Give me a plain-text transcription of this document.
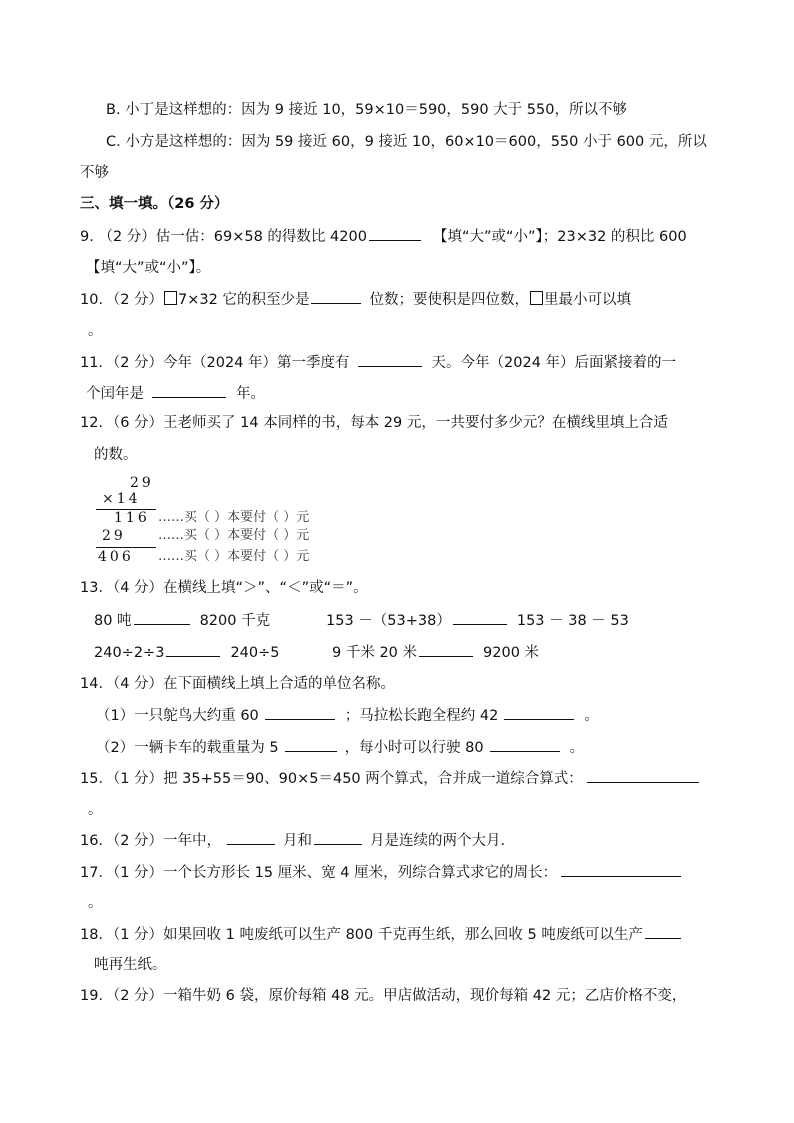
B. 小丁是这样想的：因为 9 接近 10，59×10＝590，590 大于 550，所以不够
C. 小方是这样想的：因为 59 接近 60，9 接近 10，60×10＝600，550 小于 600 元，所以
不够
三、填一填。（26 分）
9. （2 分）估一估：69×58 的得数比 4200	【填“大”或“小”】；23×32 的积比 600
【填“大”或“小”】。
10．（2 分） 7×32 它的积至少是	位数；要使积是四位数， 里最小可以填
。
11．（2 分）今年（2024 年）第一季度有	天。今年（2024 年）后面紧接着的一
个闰年是	年。
12．（6 分）王老师买了 14 本同样的书，每本 29 元，一共要付多少元？在横线里填上合适
的数。
29
×14
116 ……买（ ）本要付（ ）元
29 ……买（ ）本要付（ ）元
406 ……买（ ）本要付（ ）元
13．（4 分）在横线上填“＞”、“＜”或“＝”。
80 吨	8200 千克	153 －（53+38）	153 － 38 － 53
240÷2÷3	240÷5	9 千米 20 米	9200 米
14．（4 分）在下面横线上填上合适的单位名称。
（1）一只鸵鸟大约重 60	；马拉松长跑全程约 42	。
（2）一辆卡车的载重量为 5	，每小时可以行驶 80	。
15．（1 分）把 35+55＝90、90×5＝450 两个算式，合并成一道综合算式：
。
16．（2 分）一年中，	月和	月是连续的两个大月.
17．（1 分）一个长方形长 15 厘米、宽 4 厘米，列综合算式求它的周长：
。
18．（1 分）如果回收 1 吨废纸可以生产 800 千克再生纸，那么回收 5 吨废纸可以生产
吨再生纸。
19．（2 分）一箱牛奶 6 袋，原价每箱 48 元。甲店做活动，现价每箱 42 元；乙店价格不变，
